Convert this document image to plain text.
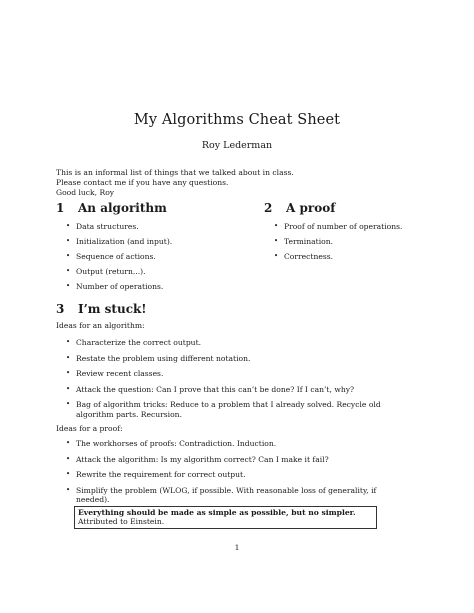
My Algorithms Cheat Sheet
Roy Lederman
This is an informal list of things that we talked about in class.
Please contact me if you have any questions.
Good luck, Roy
1 An algorithm
• Data structures.
• Initialization (and input).
• Sequence of actions.
• Output (return...).
• Number of operations.
2 A proof
• Proof of number of operations.
• Termination.
• Correctness.
3 I’m stuck!
Ideas for an algorithm:
• Characterize the correct output.
• Restate the problem using different notation.
• Review recent classes.
• Attack the question: Can I prove that this can’t be done? If I can’t, why?
• Bag of algorithm tricks: Reduce to a problem that I already solved. Recycle old algorithm parts. Recursion.
Ideas for a proof:
• The workhorses of proofs: Contradiction. Induction.
• Attack the algorithm: Is my algorithm correct? Can I make it fail?
• Rewrite the requirement for correct output.
• Simplify the problem (WLOG, if possible. With reasonable loss of generality, if needed).
Everything should be made as simple as possible, but no simpler. Attributed to Einstein.
1
